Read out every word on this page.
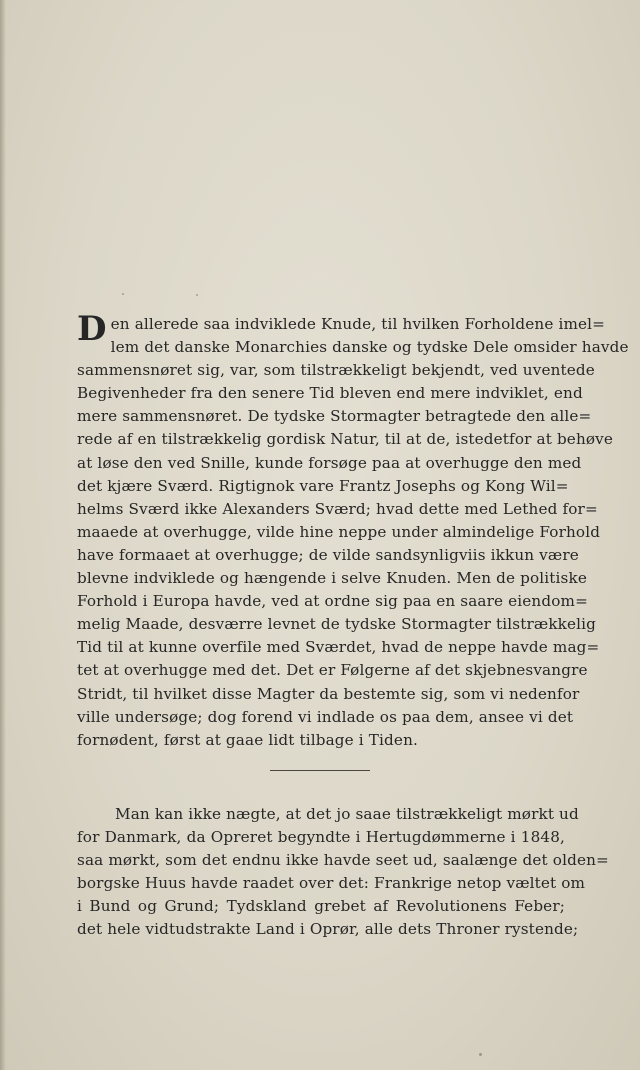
D en allerede saa indviklede Knude, til hvilken Forholdene imel=
lem det danske Monarchies danske og tydske Dele omsider havde
sammensnøret sig, var, som tilstrækkeligt bekjendt, ved uventede
Begivenheder fra den senere Tid bleven end mere indviklet, end
mere sammensnøret. De tydske Stormagter betragtede den alle=
rede af en tilstrækkelig gordisk Natur, til at de, istedetfor at behøve
at løse den ved Snille, kunde forsøge paa at overhugge den med
det kjære Sværd. Rigtignok vare Frantz Josephs og Kong Wil=
helms Sværd ikke Alexanders Sværd; hvad dette med Lethed for=
maaede at overhugge, vilde hine neppe under almindelige Forhold
have formaaet at overhugge; de vilde sandsynligviis ikkun være
blevne indviklede og hængende i selve Knuden. Men de politiske
Forhold i Europa havde, ved at ordne sig paa en saare eiendom=
melig Maade, desværre levnet de tydske Stormagter tilstrækkelig
Tid til at kunne overfile med Sværdet, hvad de neppe havde mag=
tet at overhugge med det. Det er Følgerne af det skjebnesvangre
Stridt, til hvilket disse Magter da bestemte sig, som vi nedenfor
ville undersøge; dog forend vi indlade os paa dem, ansee vi det
fornødent, først at gaae lidt tilbage i Tiden.
Man kan ikke nægte, at det jo saae tilstrækkeligt mørkt ud
for Danmark, da Opreret begyndte i Hertugdømmerne i 1848,
saa mørkt, som det endnu ikke havde seet ud, saalænge det olden=
borgske Huus havde raadet over det: Frankrige netop væltet om
i Bund og Grund; Tydskland grebet af Revolutionens Feber;
det hele vidtudstrakte Land i Oprør, alle dets Throner rystende;
